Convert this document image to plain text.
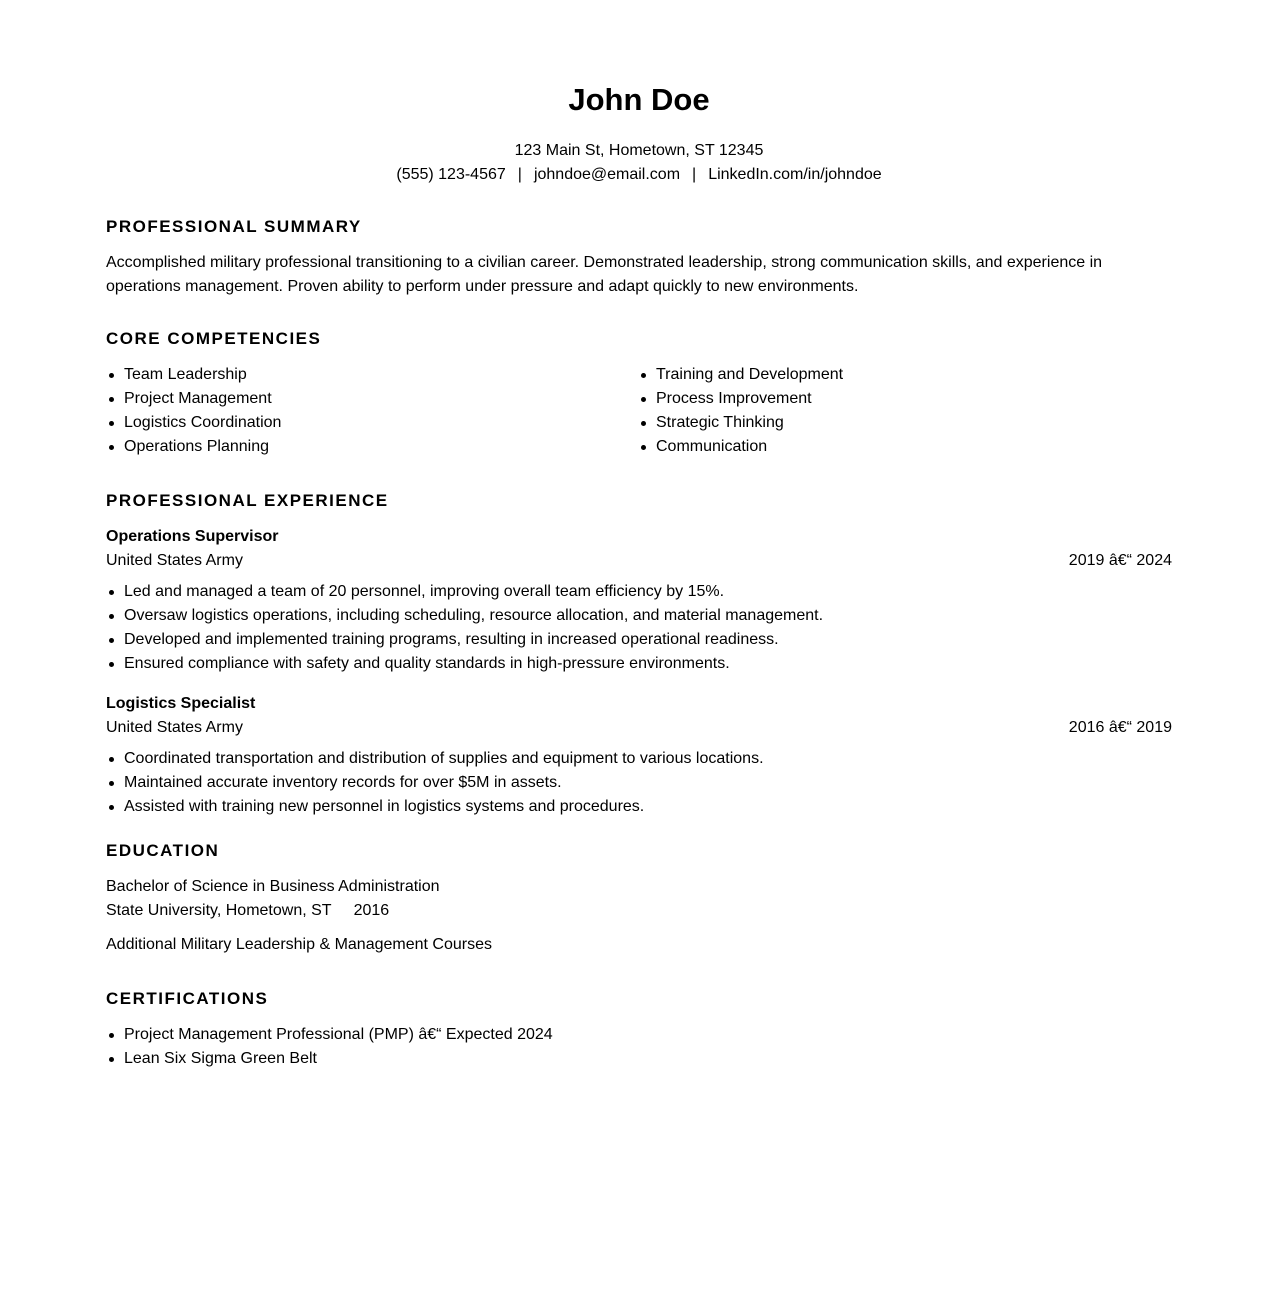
John Doe
123 Main St, Hometown, ST 12345
(555) 123-4567 | johndoe@email.com | LinkedIn.com/in/johndoe
PROFESSIONAL SUMMARY

Accomplished military professional transitioning to a civilian career. Demonstrated leadership, strong communication skills, and experience in operations management. Proven ability to perform under pressure and adapt quickly to new environments.

CORE COMPETENCIES
Team Leadership
Project Management
Logistics Coordination
Operations Planning
Training and Development
Process Improvement
Strategic Thinking
Communication
PROFESSIONAL EXPERIENCE
Operations Supervisor
United States Army	2019 â€“ 2024
Led and managed a team of 20 personnel, improving overall team efficiency by 15%.
Oversaw logistics operations, including scheduling, resource allocation, and material management.
Developed and implemented training programs, resulting in increased operational readiness.
Ensured compliance with safety and quality standards in high-pressure environments.
Logistics Specialist
United States Army	2016 â€“ 2019
Coordinated transportation and distribution of supplies and equipment to various locations.
Maintained accurate inventory records for over $5M in assets.
Assisted with training new personnel in logistics systems and procedures.
EDUCATION
Bachelor of Science in Business Administration
State University, Hometown, ST 2016
Additional Military Leadership & Management Courses
CERTIFICATIONS
Project Management Professional (PMP) â€“ Expected 2024
Lean Six Sigma Green Belt
